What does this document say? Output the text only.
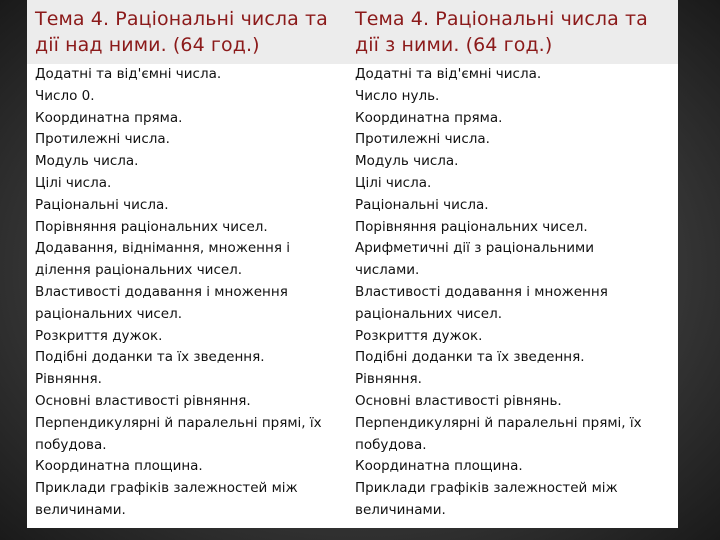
Тема 4. Раціональні числа та
дії над ними. (64 год.)
Додатні та від'ємні числа.
Число 0.
Координатна пряма.
Протилежні числа.
Модуль числа.
Цілі числа.
Раціональні числа.
Порівняння раціональних чисел.
Додавання, віднімання, множення і
ділення раціональних чисел.
Властивості додавання і множення
раціональних чисел.
Розкриття дужок.
Подібні доданки та їх зведення.
Рівняння.
Основні властивості рівняння.
Перпендикулярні й паралельні прямі, їх
побудова.
Координатна площина.
Приклади графіків залежностей між
величинами.
Тема 4. Раціональні числа та
дії з ними. (64 год.)
Додатні та від'ємні числа.
Число нуль.
Координатна пряма.
Протилежні числа.
Модуль числа.
Цілі числа.
Раціональні числа.
Порівняння раціональних чисел.
Арифметичні дії з раціональними
числами.
Властивості додавання і множення
раціональних чисел.
Розкриття дужок.
Подібні доданки та їх зведення.
Рівняння.
Основні властивості рівнянь.
Перпендикулярні й паралельні прямі, їх
побудова.
Координатна площина.
Приклади графіків залежностей між
величинами.
